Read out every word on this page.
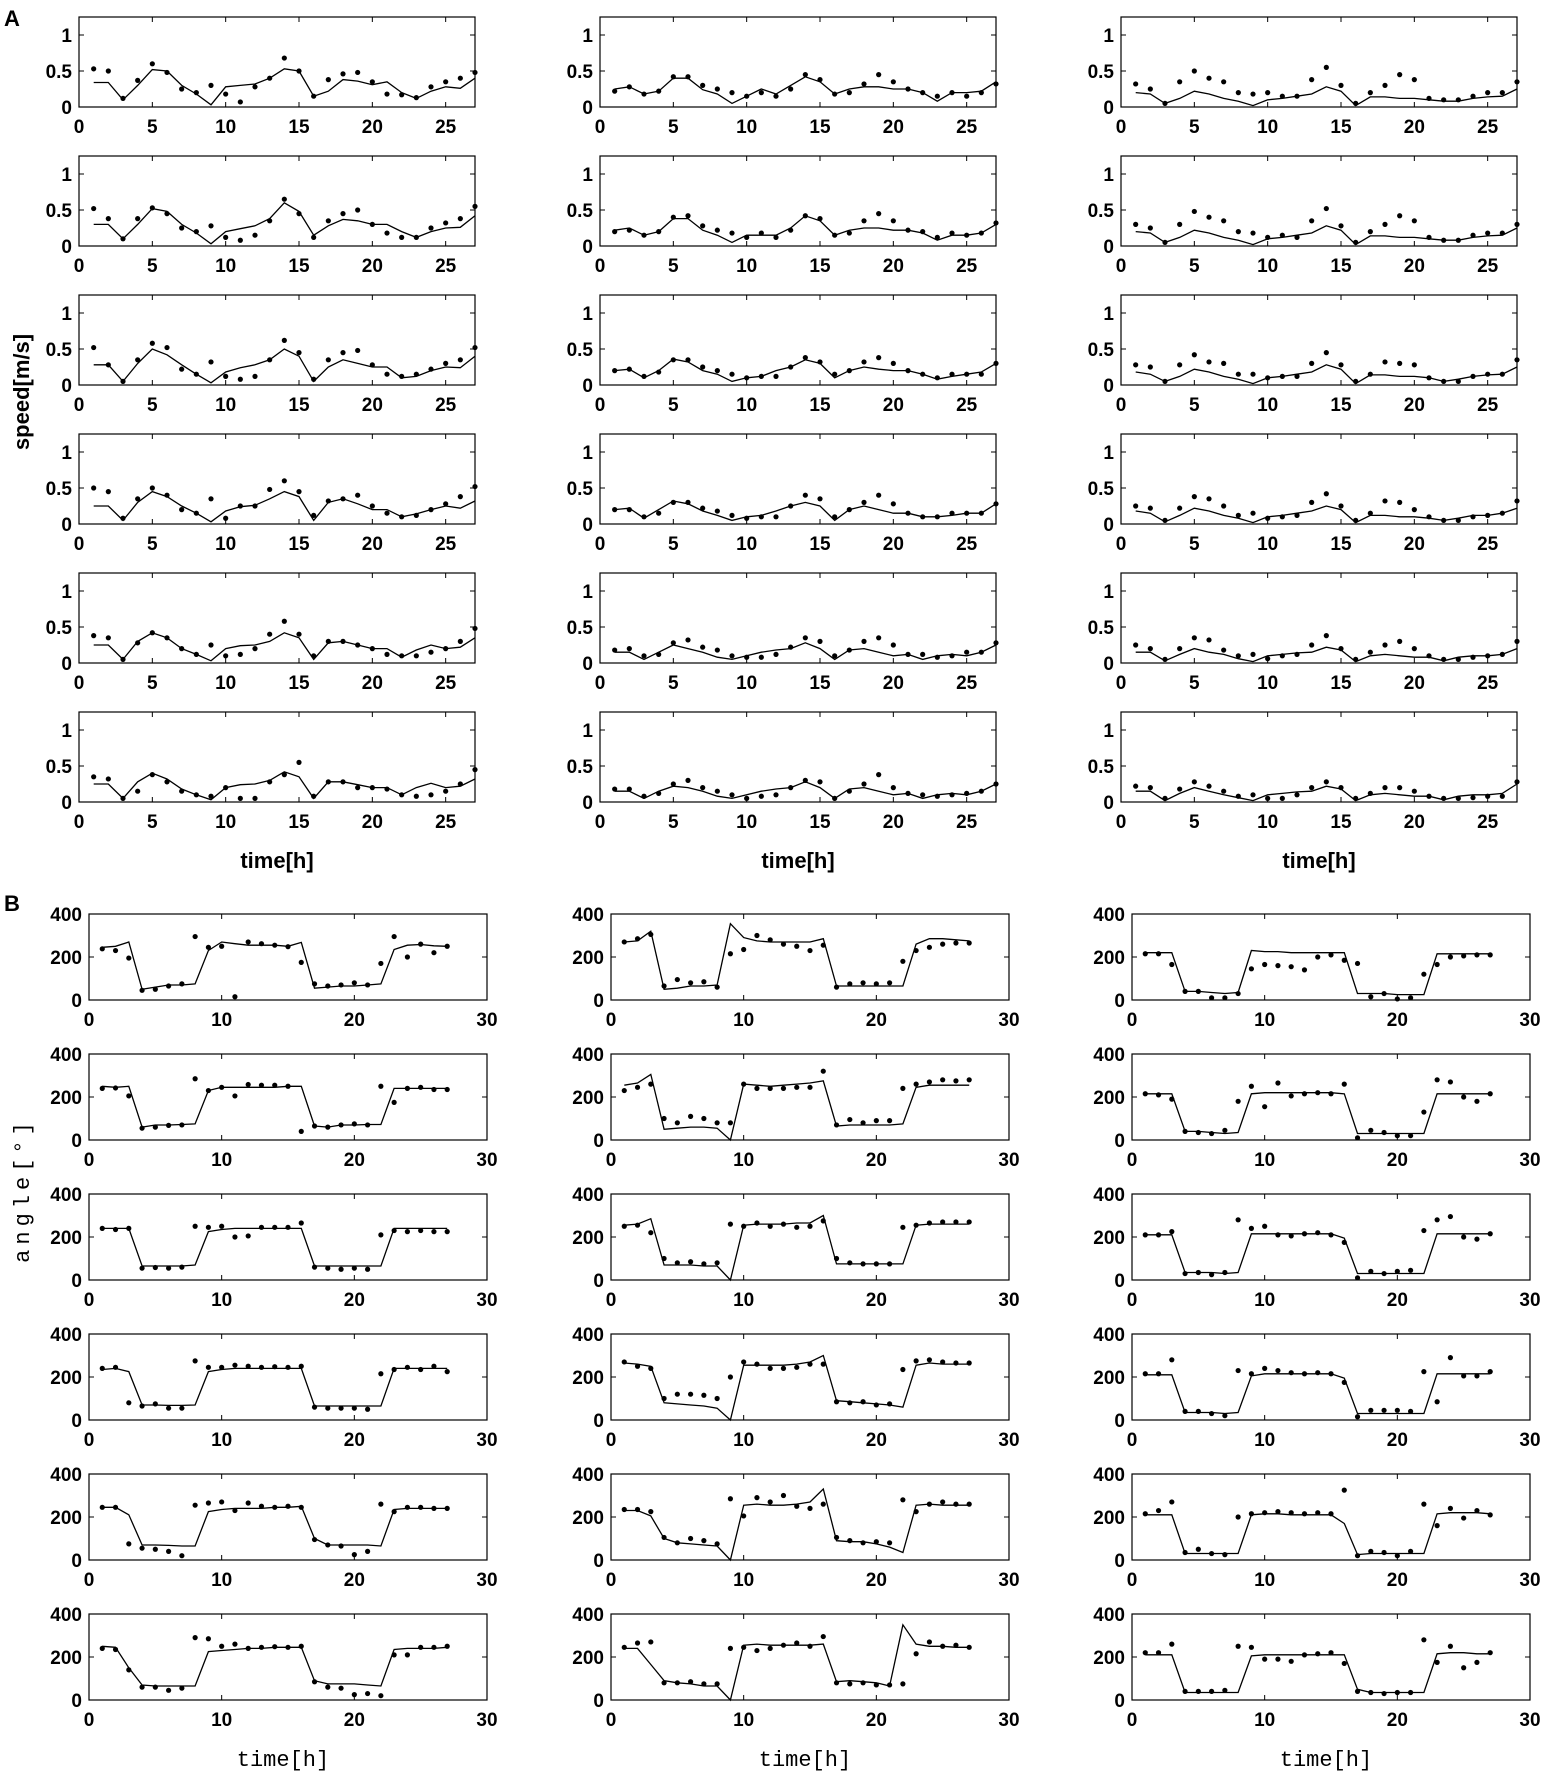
A
B
0	5	10	15	20	25
0
0.5
1
0	5	10	15	20	25
0
0.5
1
0	5	10	15	20	25
0
0.5
1
0	5	10	15	20	25
0
0.5
1
0	5	10	15	20	25
0
0.5
1
0	5	10	15	20	25
0
0.5
1
0	5	10	15	20	25
0
0.5
1
0	5	10	15	20	25
0
0.5
1
0	5	10	15	20	25
0
0.5
1
0	5	10	15	20	25
0
0.5
1
0	5	10	15	20	25
0
0.5
1
0	5	10	15	20	25
0
0.5
1
0	5	10	15	20	25
0
0.5
1
0	5	10	15	20	25
0
0.5
1
0	5	10	15	20	25
0
0.5
1
0	5	10	15	20	25
0
0.5
1
0	5	10	15	20	25
0
0.5
1
0	5	10	15	20	25
0
0.5
1
0	10	20	30
0
200
400
0	10	20	30
0
200
400
0	10	20	30
0
200
400
0	10	20	30
0
200
400
0	10	20	30
0
200
400
0	10	20	30
0
200
400
0	10	20	30
0
200
400
0	10	20	30
0
200
400
0	10	20	30
0
200
400
0	10	20	30
0
200
400
0	10	20	30
0
200
400
0	10	20	30
0
200
400
0	10	20	30
0
200
400
0	10	20	30
0
200
400
0	10	20	30
0
200
400
0	10	20	30
0
200
400
0	10	20	30
0
200
400
0	10	20	30
0
200
400
speed[m/s]
angle[°]
time[h]	time[h]	time[h]
time[h]	time[h]	time[h]
